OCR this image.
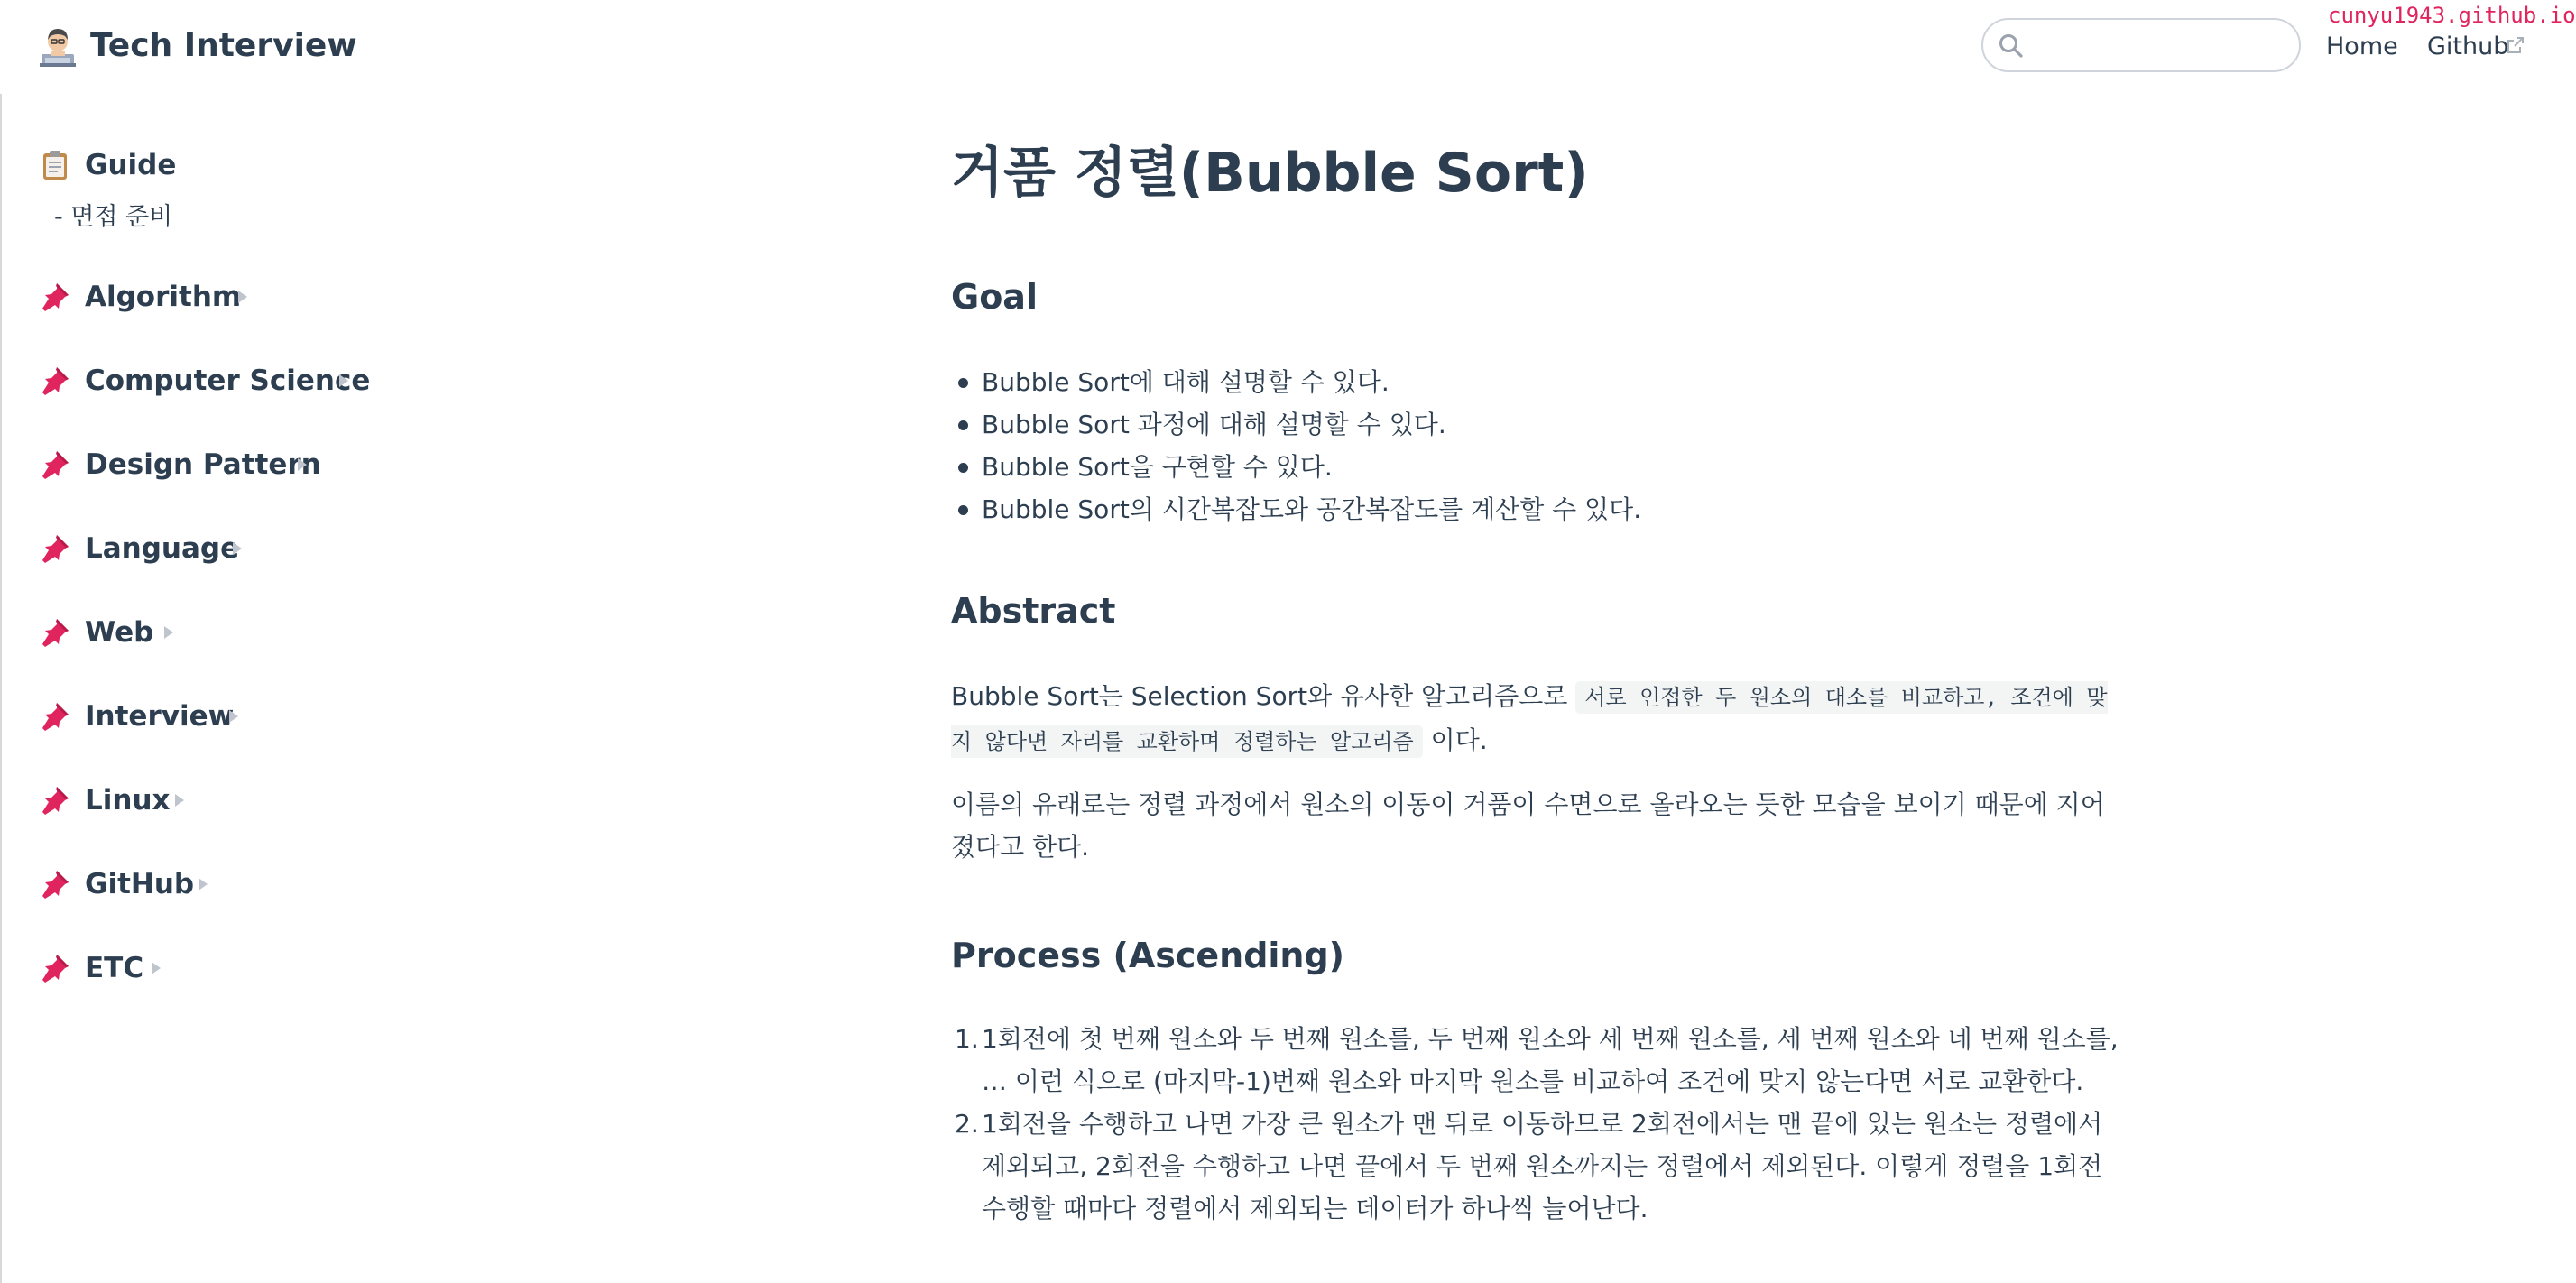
Tech Interview	Home Github
cunyu1943.github.io
Guide
- 면접 준비
Algorithm
Computer Science
Design Pattern
Language
Web
Interview
Linux
GitHub
ETC
거품 정렬(Bubble Sort)
Goal
Bubble Sort에 대해 설명할 수 있다.
Bubble Sort 과정에 대해 설명할 수 있다.
Bubble Sort을 구현할 수 있다.
Bubble Sort의 시간복잡도와 공간복잡도를 계산할 수 있다.
Abstract

Bubble Sort는 Selection Sort와 유사한 알고리즘으로 서로 인접한 두 원소의 대소를 비교하고, 조건에 맞지 않다면 자리를 교환하며 정렬하는 알고리즘 이다.

이름의 유래로는 정렬 과정에서 원소의 이동이 거품이 수면으로 올라오는 듯한 모습을 보이기 때문에 지어졌다고 한다.

Process (Ascending)
1. 1회전에 첫 번째 원소와 두 번째 원소를, 두 번째 원소와 세 번째 원소를, 세 번째 원소와 네 번째 원소를, … 이런 식으로 (마지막-1)번째 원소와 마지막 원소를 비교하여 조건에 맞지 않는다면 서로 교환한다.
2. 1회전을 수행하고 나면 가장 큰 원소가 맨 뒤로 이동하므로 2회전에서는 맨 끝에 있는 원소는 정렬에서 제외되고, 2회전을 수행하고 나면 끝에서 두 번째 원소까지는 정렬에서 제외된다. 이렇게 정렬을 1회전 수행할 때마다 정렬에서 제외되는 데이터가 하나씩 늘어난다.
